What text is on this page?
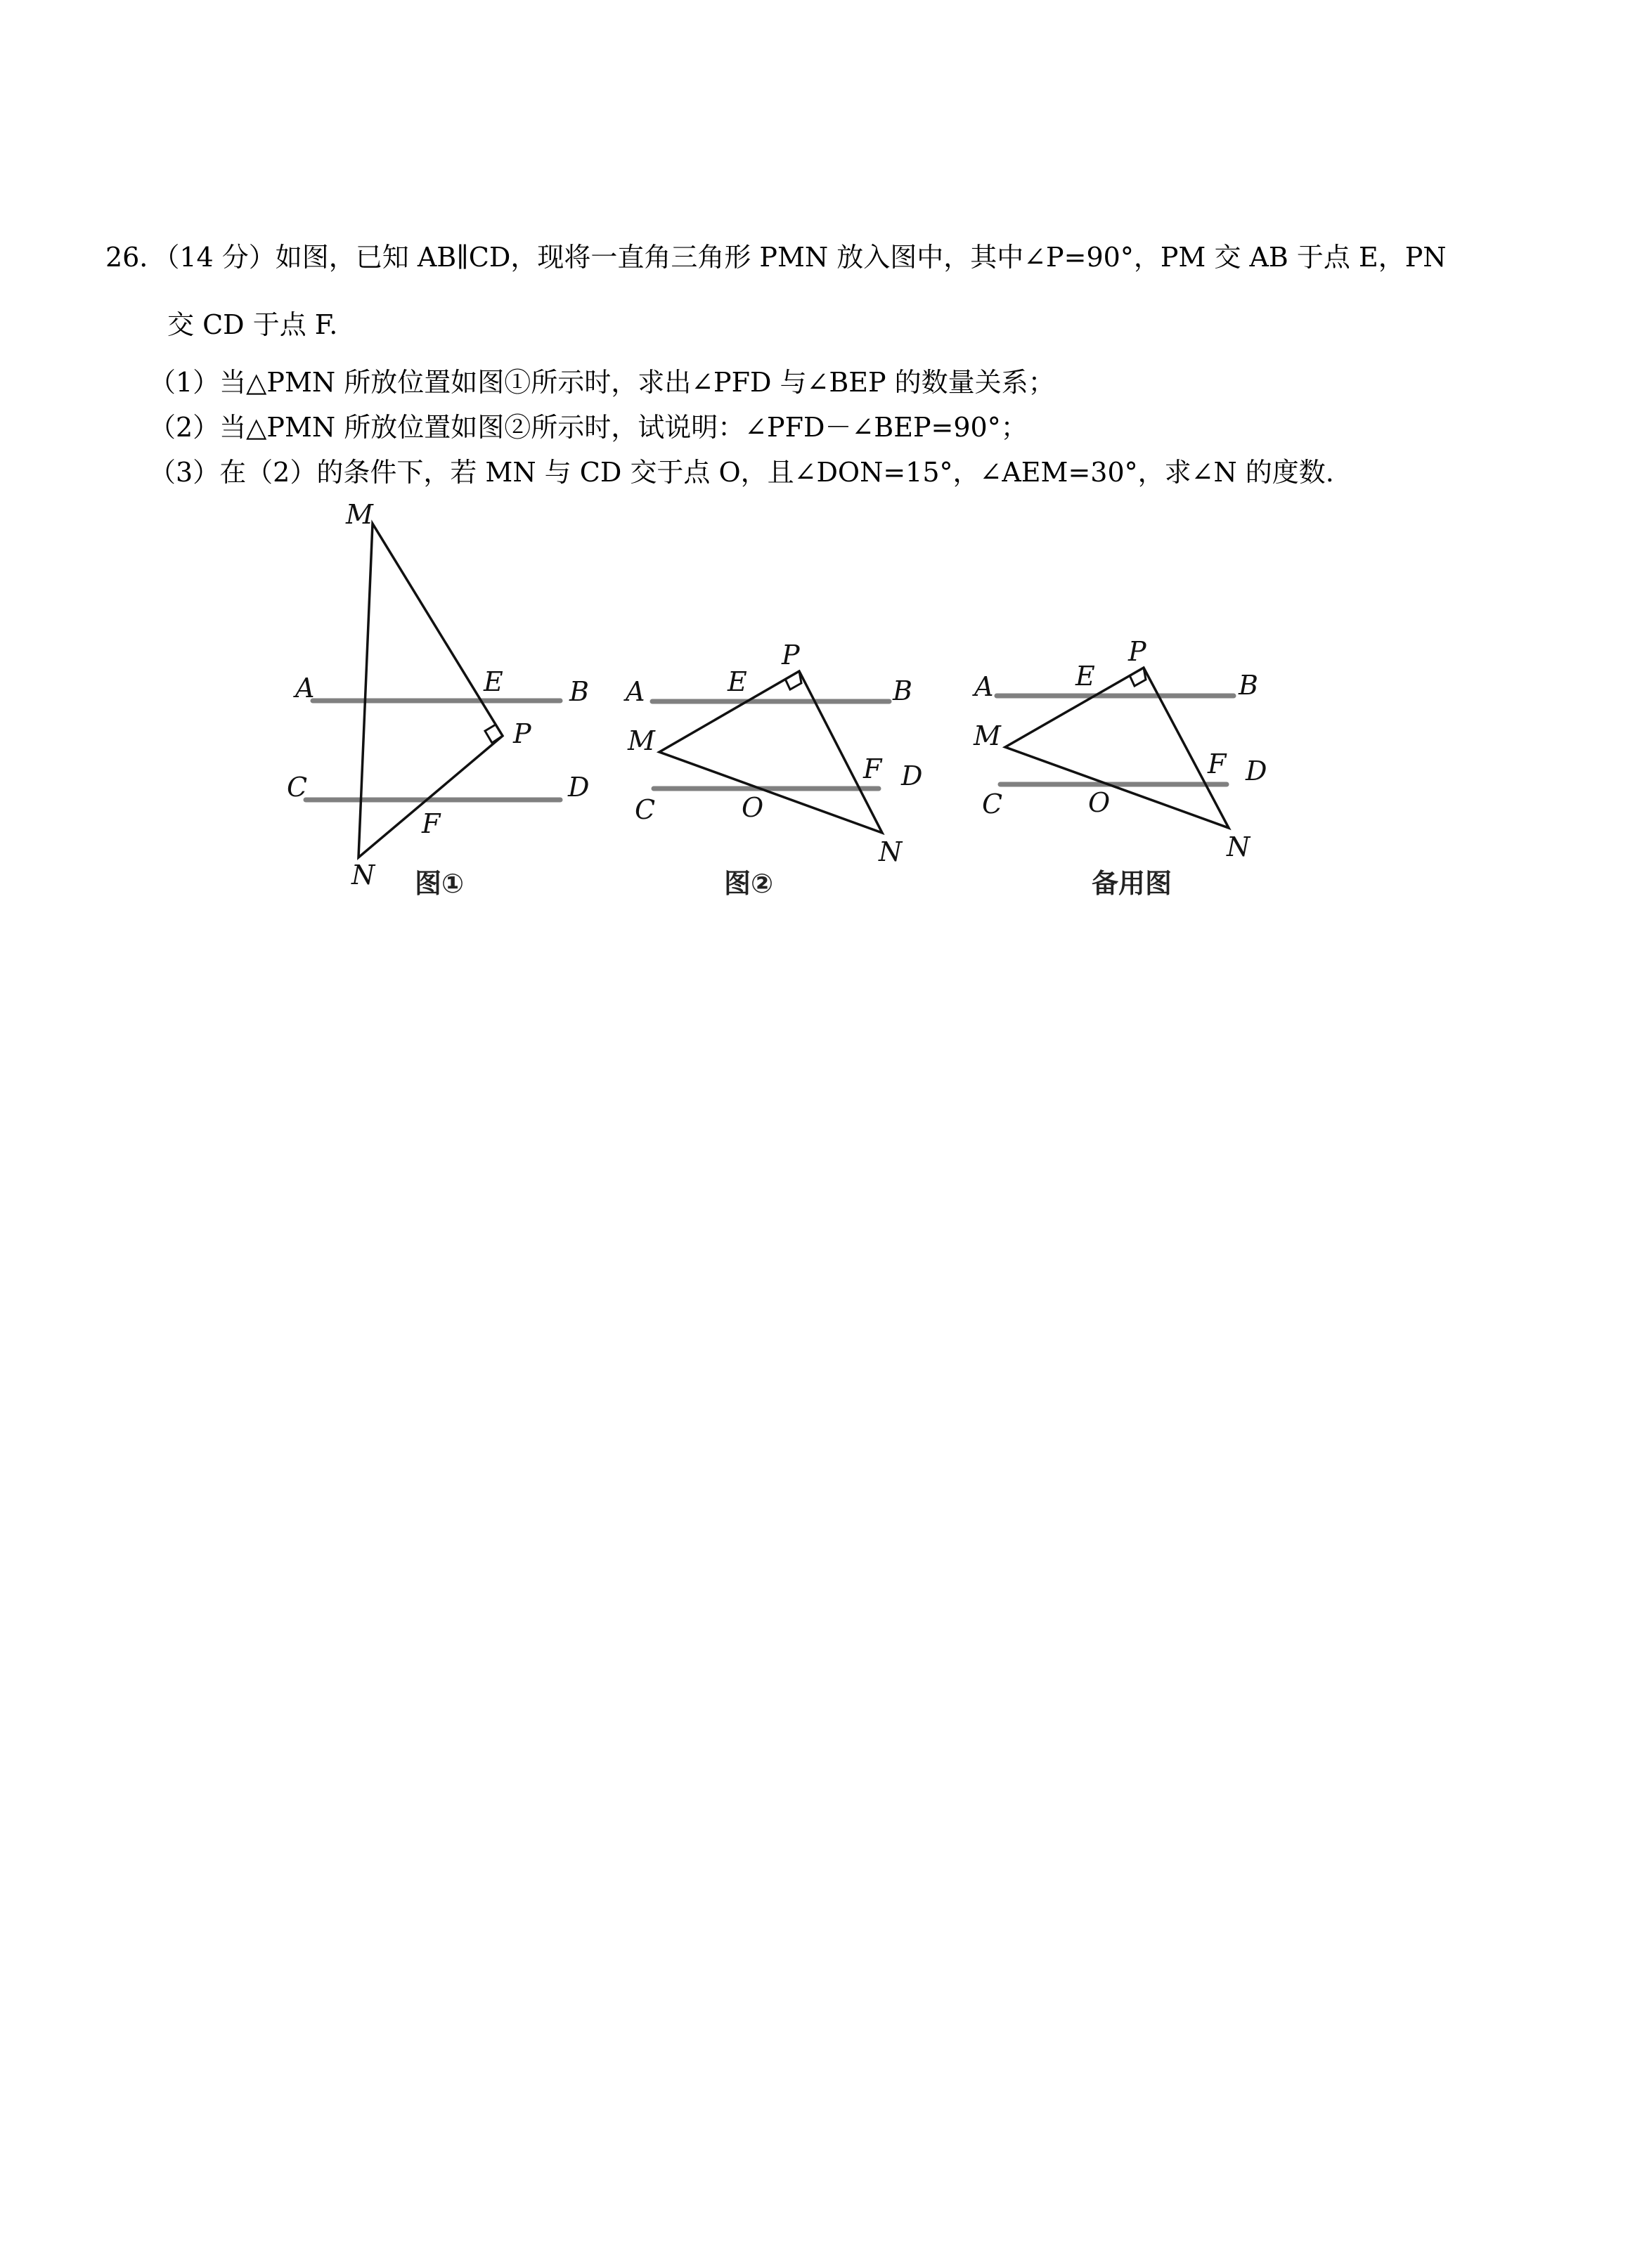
26．（14 分）如图，已知 AB∥CD，现将一直角三角形 PMN 放入图中，其中∠P=90°，PM 交 AB 于点 E，PN
交 CD 于点 F.
（1）当△PMN 所放位置如图①所示时，求出∠PFD 与∠BEP 的数量关系；
（2）当△PMN 所放位置如图②所示时，试说明：∠PFD－∠BEP=90°；
（3）在（2）的条件下，若 MN 与 CD 交于点 O，且∠DON=15°，∠AEM=30°，求∠N 的度数.
M
A	E B
P
C	D
F
N 图①
A	E
P
B
M
F D
C	O
N
图②
A	E
P
B
M
F D
C	O
N
备用图
